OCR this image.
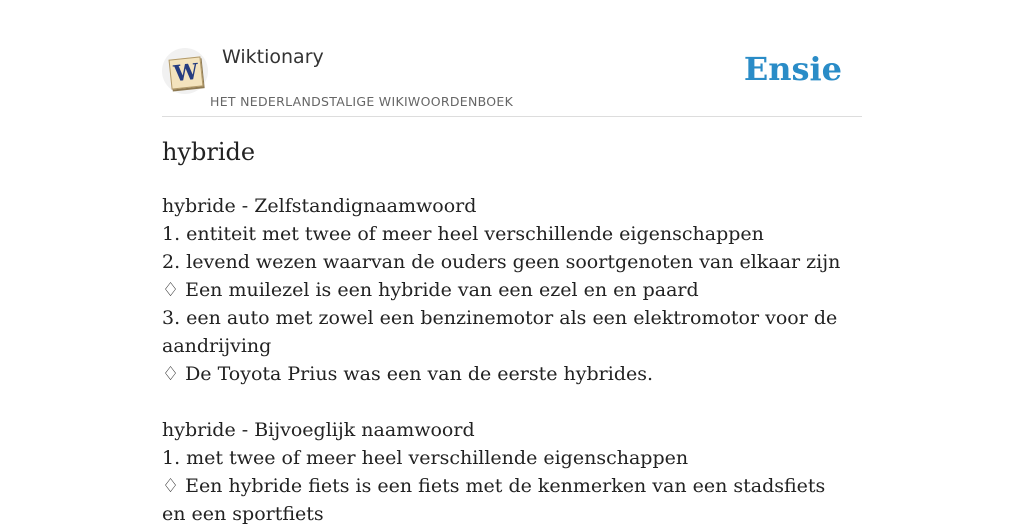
W
Wiktionary
HET NEDERLANDSTALIGE WIKIWOORDENBOEK
Ensie
hybride
hybride - Zelfstandignaamwoord
1. entiteit met twee of meer heel verschillende eigenschappen
2. levend wezen waarvan de ouders geen soortgenoten van elkaar zijn
♢ Een muilezel is een hybride van een ezel en en paard
3. een auto met zowel een benzinemotor als een elektromotor voor de aandrijving
♢ De Toyota Prius was een van de eerste hybrides.
hybride - Bijvoeglijk naamwoord
1. met twee of meer heel verschillende eigenschappen
♢ Een hybride fiets is een fiets met de kenmerken van een stadsfiets en een sportfiets
